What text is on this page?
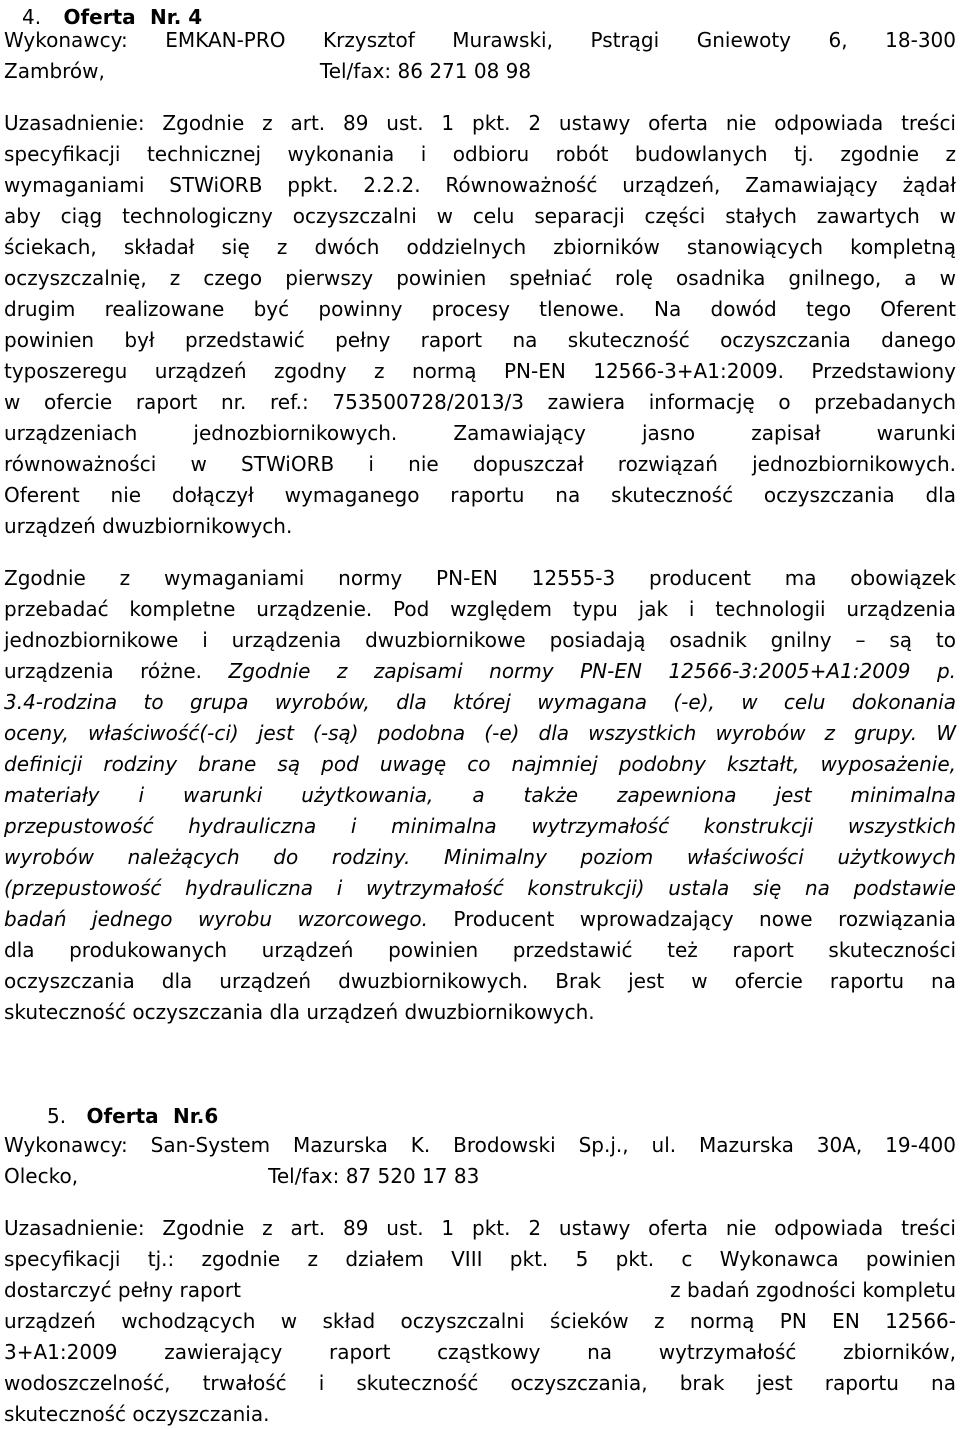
4. Oferta Nr. 4
Wykonawcy: EMKAN-PRO Krzysztof Murawski, Pstrągi Gniewoty 6, 18-300
Zambrów,	Tel/fax: 86 271 08 98
Uzasadnienie: Zgodnie z art. 89 ust. 1 pkt. 2 ustawy oferta nie odpowiada treści
specyfikacji technicznej wykonania i odbioru robót budowlanych tj. zgodnie z
wymaganiami STWiORB ppkt. 2.2.2. Równoważność urządzeń, Zamawiający żądał
aby ciąg technologiczny oczyszczalni w celu separacji części stałych zawartych w
ściekach, składał się z dwóch oddzielnych zbiorników stanowiących kompletną
oczyszczalnię, z czego pierwszy powinien spełniać rolę osadnika gnilnego, a w
drugim realizowane być powinny procesy tlenowe. Na dowód tego Oferent
powinien był przedstawić pełny raport na skuteczność oczyszczania danego
typoszeregu urządzeń zgodny z normą PN-EN 12566-3+A1:2009. Przedstawiony
w ofercie raport nr. ref.: 753500728/2013/3 zawiera informację o przebadanych
urządzeniach jednozbiornikowych. Zamawiający jasno zapisał warunki
równoważności w STWiORB i nie dopuszczał rozwiązań jednozbiornikowych.
Oferent nie dołączył wymaganego raportu na skuteczność oczyszczania dla
urządzeń dwuzbiornikowych.
Zgodnie z wymaganiami normy PN-EN 12555-3 producent ma obowiązek
przebadać kompletne urządzenie. Pod względem typu jak i technologii urządzenia
jednozbiornikowe i urządzenia dwuzbiornikowe posiadają osadnik gnilny – są to
urządzenia różne. Zgodnie z zapisami normy PN-EN 12566-3:2005+A1:2009 p.
3.4-rodzina to grupa wyrobów, dla której wymagana (-e), w celu dokonania
oceny, właściwość(-ci) jest (-są) podobna (-e) dla wszystkich wyrobów z grupy. W
definicji rodziny brane są pod uwagę co najmniej podobny kształt, wyposażenie,
materiały i warunki użytkowania, a także zapewniona jest minimalna
przepustowość hydrauliczna i minimalna wytrzymałość konstrukcji wszystkich
wyrobów należących do rodziny. Minimalny poziom właściwości użytkowych
(przepustowość hydrauliczna i wytrzymałość konstrukcji) ustala się na podstawie
badań jednego wyrobu wzorcowego. Producent wprowadzający nowe rozwiązania
dla produkowanych urządzeń powinien przedstawić też raport skuteczności
oczyszczania dla urządzeń dwuzbiornikowych. Brak jest w ofercie raportu na
skuteczność oczyszczania dla urządzeń dwuzbiornikowych.
5. Oferta Nr.6
Wykonawcy: San-System Mazurska K. Brodowski Sp.j., ul. Mazurska 30A, 19-400
Olecko,	Tel/fax: 87 520 17 83
Uzasadnienie: Zgodnie z art. 89 ust. 1 pkt. 2 ustawy oferta nie odpowiada treści
specyfikacji tj.: zgodnie z działem VIII pkt. 5 pkt. c Wykonawca powinien
dostarczyć pełny raport	z badań zgodności kompletu
urządzeń wchodzących w skład oczyszczalni ścieków z normą PN EN 12566-
3+A1:2009 zawierający raport cząstkowy na wytrzymałość zbiorników,
wodoszczelność, trwałość i skuteczność oczyszczania, brak jest raportu na
skuteczność oczyszczania.
